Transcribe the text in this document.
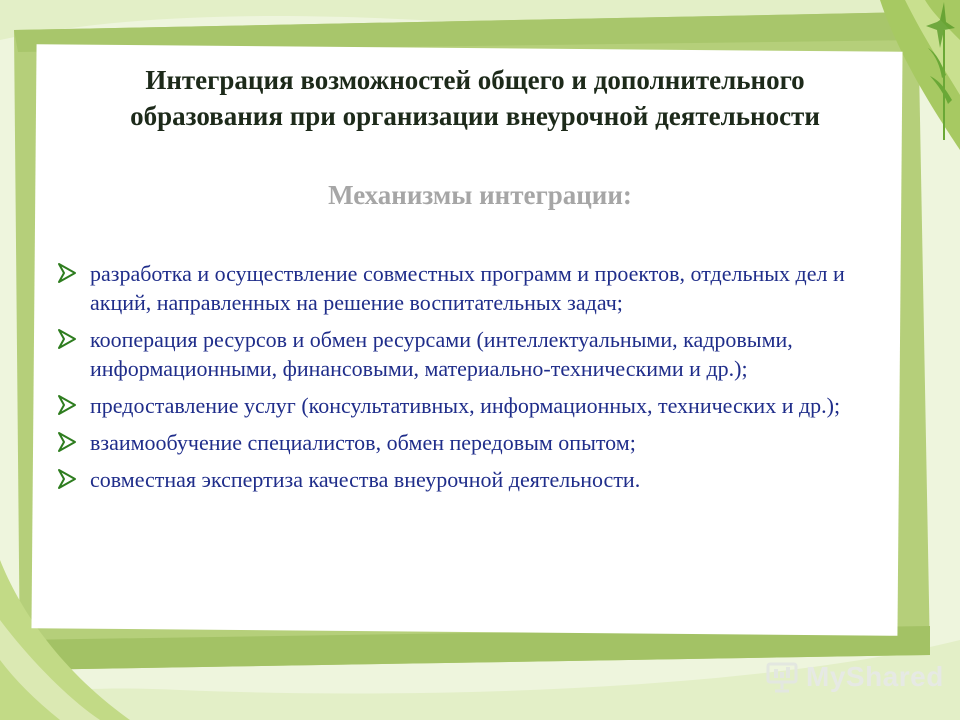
Интеграция возможностей общего и дополнительного
образования при организации внеурочной деятельности
Механизмы интеграции:
разработка и осуществление совместных программ и проектов, отдельных дел и акций, направленных на решение воспитательных задач;
кооперация ресурсов и обмен ресурсами (интеллектуальными, кадровыми, информационными, финансовыми, материально-техническими и др.);
предоставление услуг (консультативных, информационных, технических и др.);
взаимообучение специалистов, обмен передовым опытом;
совместная экспертиза качества внеурочной деятельности.
MyShared
